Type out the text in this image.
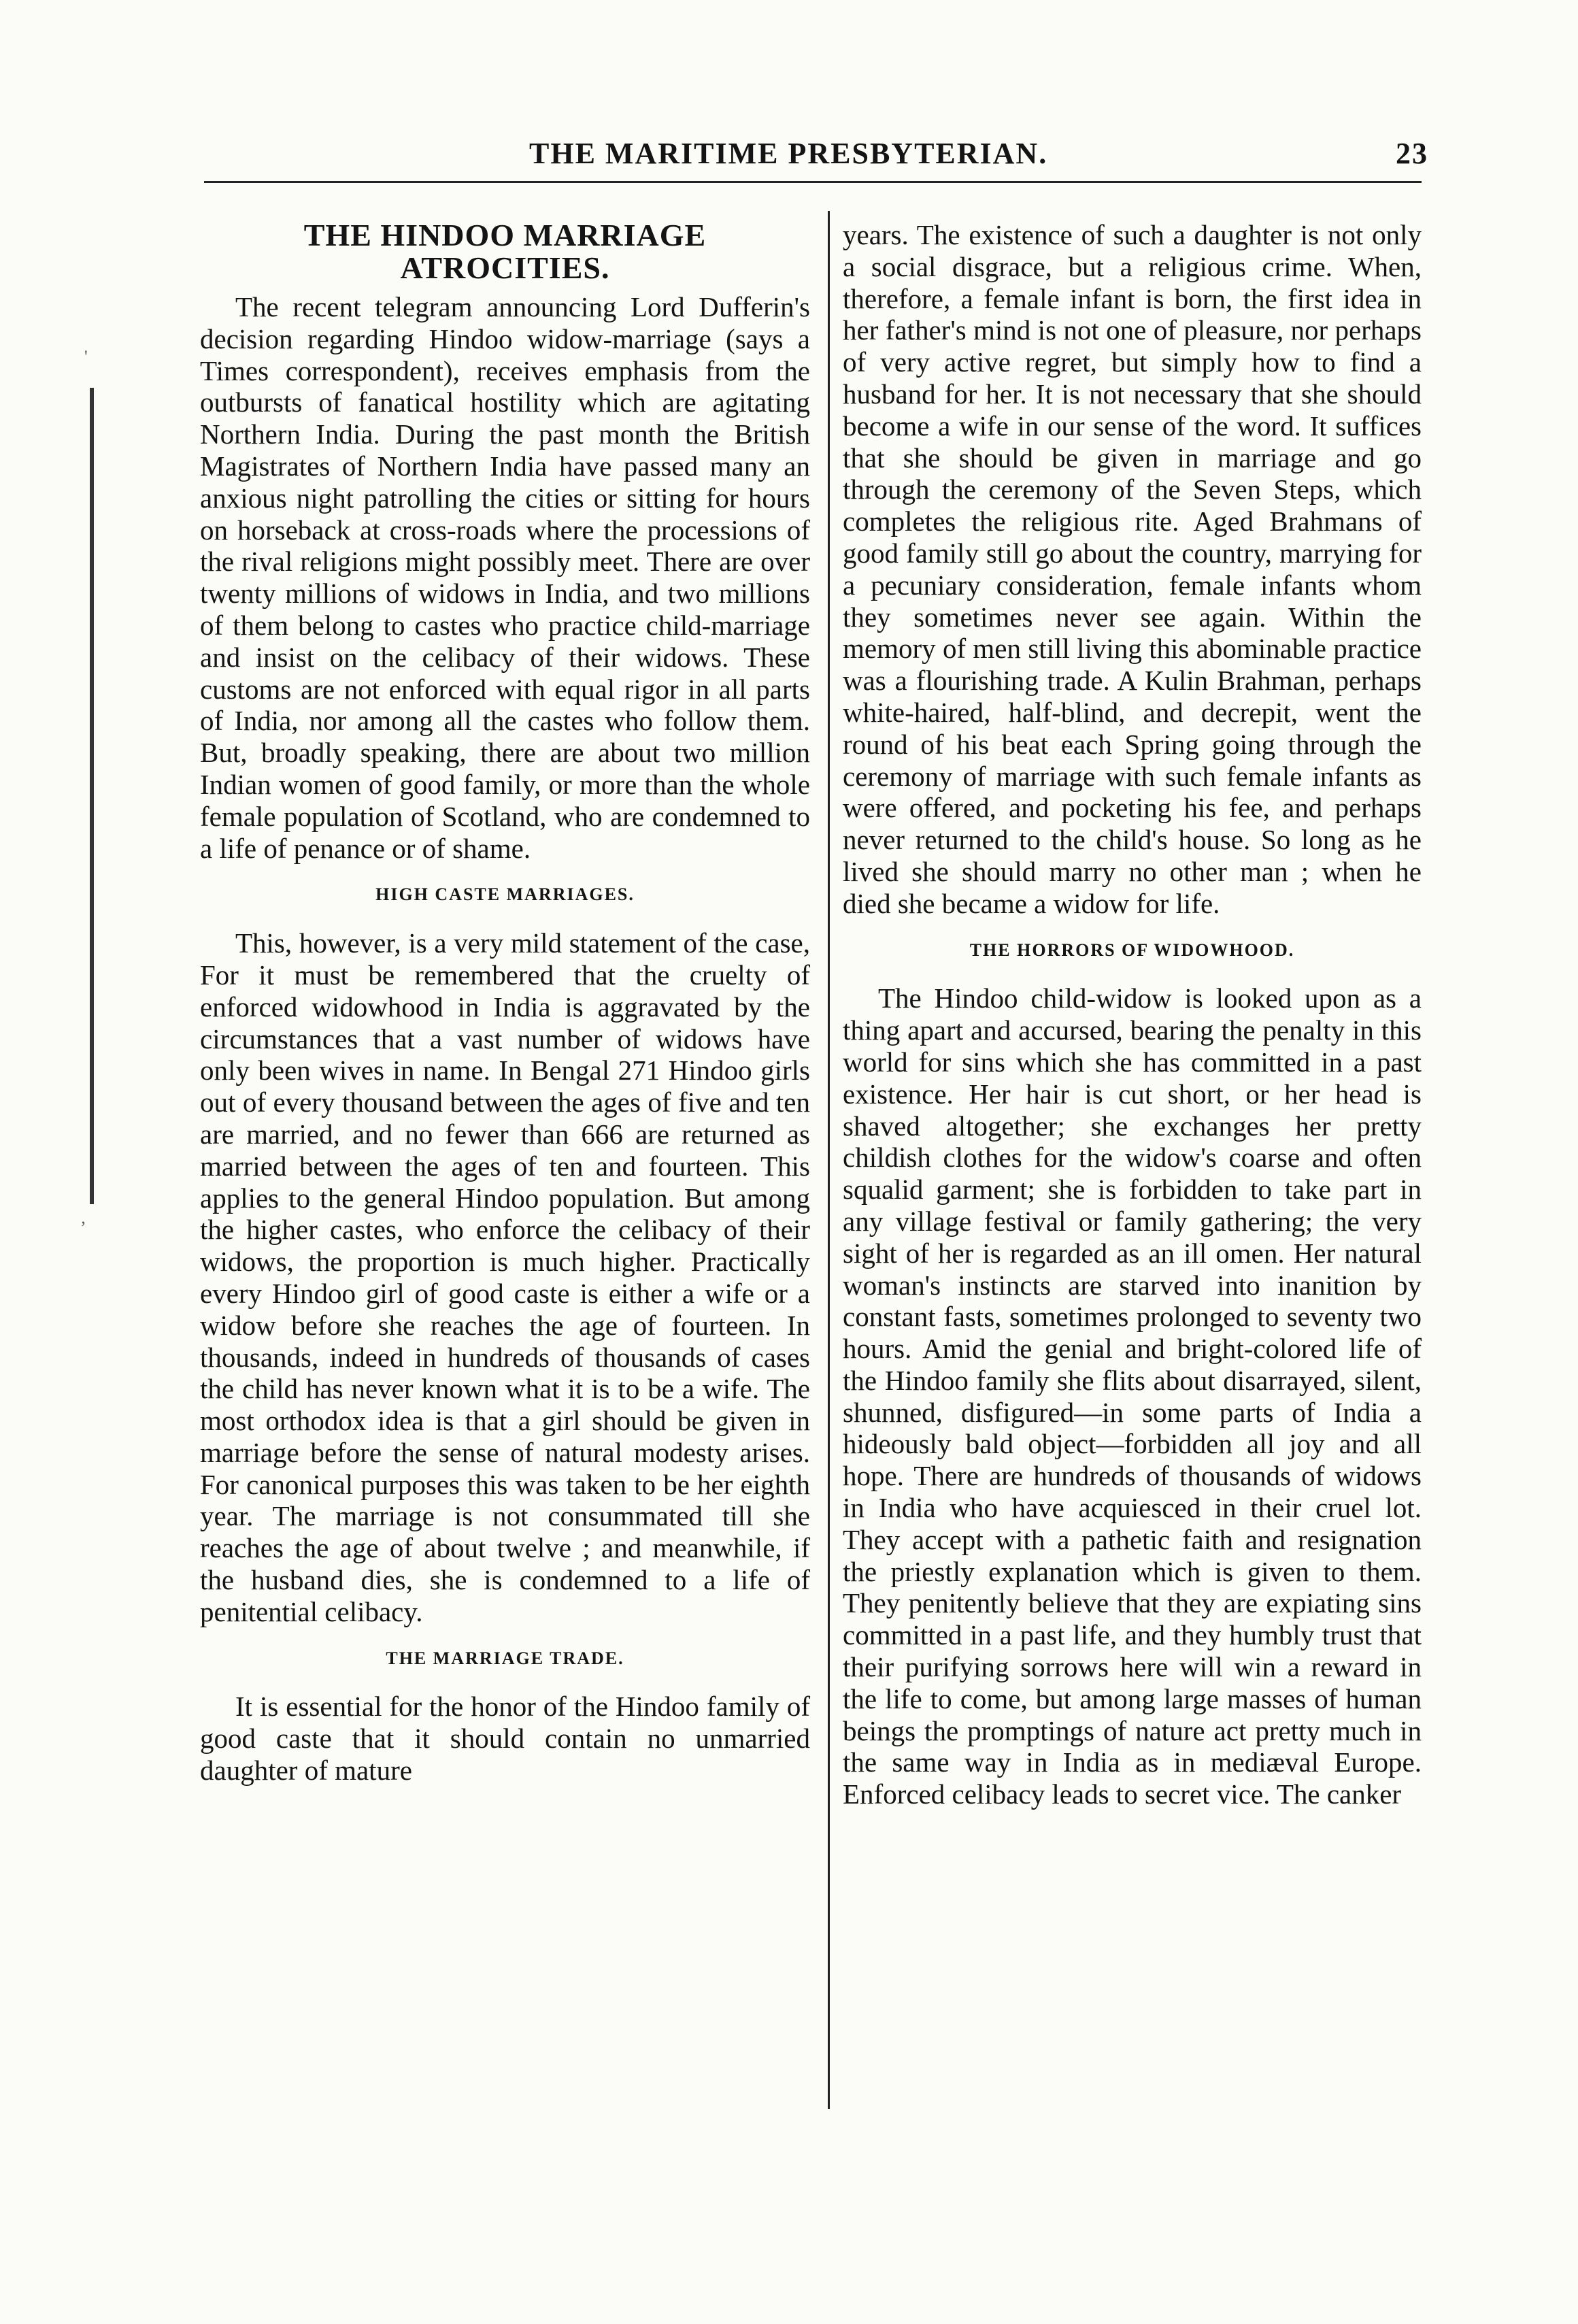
THE MARITIME PRESBYTERIAN.	23
'
ʼ
THE HINDOO MARRIAGE ATROCITIES.

The recent telegram announcing Lord Dufferin's decision regarding Hindoo widow-marriage (says a Times correspondent), receives emphasis from the outbursts of fanatical hostility which are agitating Northern India. During the past month the British Magistrates of Northern India have passed many an anxious night patrolling the cities or sitting for hours on horseback at cross-roads where the processions of the rival religions might possibly meet. There are over twenty millions of widows in India, and two millions of them belong to castes who practice child-marriage and insist on the celibacy of their widows. These customs are not enforced with equal rigor in all parts of India, nor among all the castes who follow them. But, broadly speaking, there are about two million Indian women of good family, or more than the whole female population of Scotland, who are condemned to a life of penance or of shame.

HIGH CASTE MARRIAGES.

This, however, is a very mild statement of the case, For it must be remembered that the cruelty of enforced widowhood in India is aggravated by the circumstances that a vast number of widows have only been wives in name. In Bengal 271 Hindoo girls out of every thousand between the ages of five and ten are married, and no fewer than 666 are returned as married between the ages of ten and fourteen. This applies to the general Hindoo population. But among the higher castes, who enforce the celibacy of their widows, the proportion is much higher. Practically every Hindoo girl of good caste is either a wife or a widow before she reaches the age of fourteen. In thousands, indeed in hundreds of thousands of cases the child has never known what it is to be a wife. The most orthodox idea is that a girl should be given in marriage before the sense of natural modesty arises. For canonical purposes this was taken to be her eighth year. The marriage is not consummated till she reaches the age of about twelve ; and meanwhile, if the husband dies, she is condemned to a life of penitential celibacy.

THE MARRIAGE TRADE.

It is essential for the honor of the Hindoo family of good caste that it should contain no unmarried daughter of mature

years. The existence of such a daughter is not only a social disgrace, but a religious crime. When, therefore, a female infant is born, the first idea in her father's mind is not one of pleasure, nor perhaps of very active regret, but simply how to find a husband for her. It is not necessary that she should become a wife in our sense of the word. It suffices that she should be given in marriage and go through the ceremony of the Seven Steps, which completes the religious rite. Aged Brahmans of good family still go about the country, marrying for a pecuniary consideration, female infants whom they sometimes never see again. Within the memory of men still living this abominable practice was a flourishing trade. A Kulin Brahman, perhaps white-haired, half-blind, and decrepit, went the round of his beat each Spring going through the ceremony of marriage with such female infants as were offered, and pocketing his fee, and perhaps never returned to the child's house. So long as he lived she should marry no other man ; when he died she became a widow for life.

THE HORRORS OF WIDOWHOOD.

The Hindoo child-widow is looked upon as a thing apart and accursed, bearing the penalty in this world for sins which she has committed in a past existence. Her hair is cut short, or her head is shaved altogether; she exchanges her pretty childish clothes for the widow's coarse and often squalid garment; she is forbidden to take part in any village festival or family gathering; the very sight of her is regarded as an ill omen. Her natural woman's instincts are starved into inanition by constant fasts, sometimes prolonged to seventy two hours. Amid the genial and bright-colored life of the Hindoo family she flits about disarrayed, silent, shunned, disfigured—in some parts of India a hideously bald object—forbidden all joy and all hope. There are hundreds of thousands of widows in India who have acquiesced in their cruel lot. They accept with a pathetic faith and resignation the priestly explanation which is given to them. They penitently believe that they are expiating sins committed in a past life, and they humbly trust that their purifying sorrows here will win a reward in the life to come, but among large masses of human beings the promptings of nature act pretty much in the same way in India as in mediæval Europe. Enforced celibacy leads to secret vice. The canker
